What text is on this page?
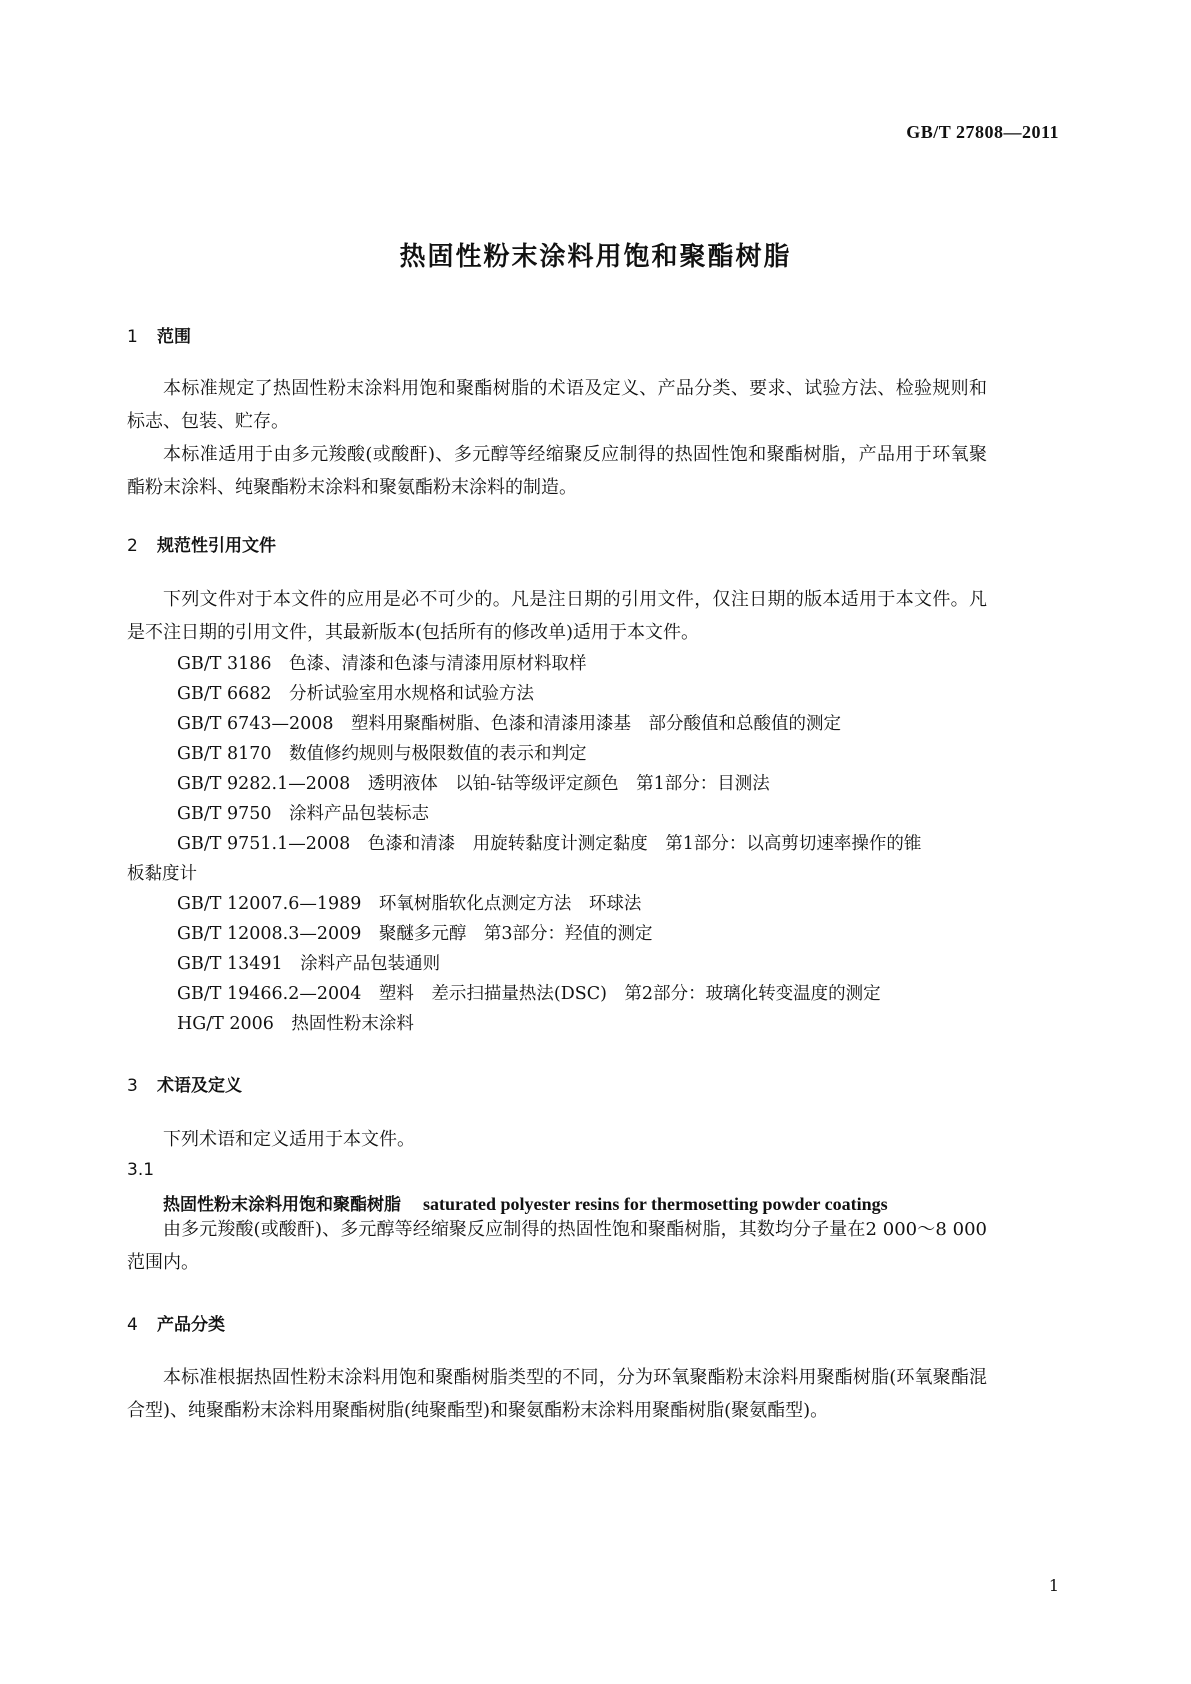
GB/T 27808—2011
热固性粉末涂料用饱和聚酯树脂
1 范围
本标准规定了热固性粉末涂料用饱和聚酯树脂的术语及定义、产品分类、要求、试验方法、检验规则和标志、包装、贮存。
本标准适用于由多元羧酸(或酸酐)、多元醇等经缩聚反应制得的热固性饱和聚酯树脂，产品用于环氧聚酯粉末涂料、纯聚酯粉末涂料和聚氨酯粉末涂料的制造。
2 规范性引用文件
下列文件对于本文件的应用是必不可少的。凡是注日期的引用文件，仅注日期的版本适用于本文件。凡是不注日期的引用文件，其最新版本(包括所有的修改单)适用于本文件。
GB/T 3186　色漆、清漆和色漆与清漆用原材料取样
GB/T 6682　分析试验室用水规格和试验方法
GB/T 6743—2008　塑料用聚酯树脂、色漆和清漆用漆基　部分酸值和总酸值的测定
GB/T 8170　数值修约规则与极限数值的表示和判定
GB/T 9282.1—2008　透明液体　以铂-钴等级评定颜色　第1部分：目测法
GB/T 9750　涂料产品包装标志
GB/T 9751.1—2008　色漆和清漆　用旋转黏度计测定黏度　第1部分：以高剪切速率操作的锥
板黏度计
GB/T 12007.6—1989　环氧树脂软化点测定方法　环球法
GB/T 12008.3—2009　聚醚多元醇　第3部分：羟值的测定
GB/T 13491　涂料产品包装通则
GB/T 19466.2—2004　塑料　差示扫描量热法(DSC)　第2部分：玻璃化转变温度的测定
HG/T 2006　热固性粉末涂料
3 术语及定义
下列术语和定义适用于本文件。
3.1
热固性粉末涂料用饱和聚酯树脂 saturated polyester resins for thermosetting powder coatings
由多元羧酸(或酸酐)、多元醇等经缩聚反应制得的热固性饱和聚酯树脂，其数均分子量在2 000～8 000范围内。
4 产品分类
本标准根据热固性粉末涂料用饱和聚酯树脂类型的不同，分为环氧聚酯粉末涂料用聚酯树脂(环氧聚酯混合型)、纯聚酯粉末涂料用聚酯树脂(纯聚酯型)和聚氨酯粉末涂料用聚酯树脂(聚氨酯型)。
1
